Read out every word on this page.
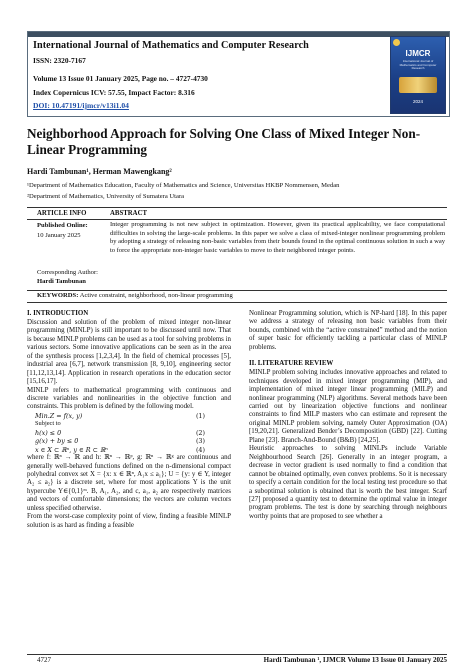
International Journal of Mathematics and Computer Research
ISSN: 2320-7167
Volume 13 Issue 01 January 2025, Page no. – 4727-4730
Index Copernicus ICV: 57.55, Impact Factor: 8.316
DOI: 10.47191/ijmcr/v13i1.04
IJMCR
International Journal of Mathematics and Computer Research
2024
Neighborhood Approach for Solving One Class of Mixed Integer Non-Linear Programming
Hardi Tambunan¹, Herman Mawengkang²
¹Department of Mathematics Education, Faculty of Mathematics and Science, Universitas HKBP Nommensen, Medan
²Department of Mathematics, University of Sumatera Utara
ARTICLE INFO	ABSTRACT
Published Online:
10 January 2025
Corresponding Author:
Hardi Tambunan
Integer programming is not new subject in optimization. However, given its practical applicability, we face computational difficulties in solving the large-scale problems. In this paper we solve a class of mixed-integer nonlinear programming problem by adopting a strategy of releasing non-basic variables from their bounds found in the optimal continuous solution in such a way to force the appropriate non-integer basic variables to move to their neighbored integer points.
KEYWORDS: Active constraint, neighborhood, non-linear programming
I. INTRODUCTION

Discussion and solution of the problem of mixed integer non-linear programming (MINLP) is still important to be discussed until now. That is because MINLP problems can be used as a tool for solving problems in various sectors. Some innovative applications can be seen as in the area of the synthesis process [1,2,3,4]. In the field of chemical processes [5], industrial area [6,7], network transmission [8, 9,10], engineering sector [11,12,13,14]. Application in research operations in the education sector [15,16,17].

MINLP refers to mathematical programming with continuous and discrete variables and nonlinearities in the objective function and constraints. This problem is defined by the following model.

Min.Z = f(x, y)	(1)
Subject to
h(x) ≤ 0	(2)
g(x) + by ≤ 0	(3)
x ∈ X ⊂ ℝⁿ, y ∈ R ⊂ ℝⁿ	(4)

where f: ℝⁿ → ℝ and h: ℝⁿ → ℝᵖ, g: ℝⁿ → ℝᵍ are continuous and generally well-behaved functions defined on the n-dimensional compact polyhedral convex set X = {x: x ∈ ℝⁿ, A₁x ≤ a₁}; U = {y: y ∈ Y, integer A₂ ≤ a₂} is a discrete set, where for most applications Y is the unit hypercube Y∈{0,1}ᵐ. B, A₁, A₂, and c, a₁, a₂ are respectively matrices and vectors of comfortable dimensions; the vectors are column vectors unless specified otherwise.

From the worst-case complexity point of view, finding a feasible MINLP solution is as hard as finding a feasible

Nonlinear Programming solution, which is NP-hard [18]. In this paper we address a strategy of releasing non basic variables from their bounds, combined with the “active constrained” method and the notion of super basic for efficiently tackling a particular class of MINLP problems.

II. LITERATURE REVIEW

MINLP problem solving includes innovative approaches and related to techniques developed in mixed integer programming (MIP), and implementation of mixed integer linear programming (MILP) and nonlinear programming (NLP) algorithms. Several methods have been carried out by linearization objective functions and nonlinear constraints to find MILP masters who can estimate and represent the original MINLP problem solving, namely Outer Approximation (OA) [19,20,21]. Generalized Bender’s Decomposition (GBD) [22]. Cutting Plane [23]. Branch-And-Bound (B&B) [24,25].

Heuristic approaches to solving MINLPs include Variable Neighbourhood Search [26]. Generally in an integer program, a decrease in vector gradient is used normally to find a condition that cannot be obtained optimally, even convex problems. So it is necessary to specify a certain condition for the local testing test procedure so that a suboptimal solution is obtained that is worth the best integer. Scarf [27] proposed a quantity test to determine the optimal value in integer program problems. The test is done by searching through neighbours worthy points that are proposed to see whether a

4727	Hardi Tambunan ¹, IJMCR Volume 13 Issue 01 January 2025
